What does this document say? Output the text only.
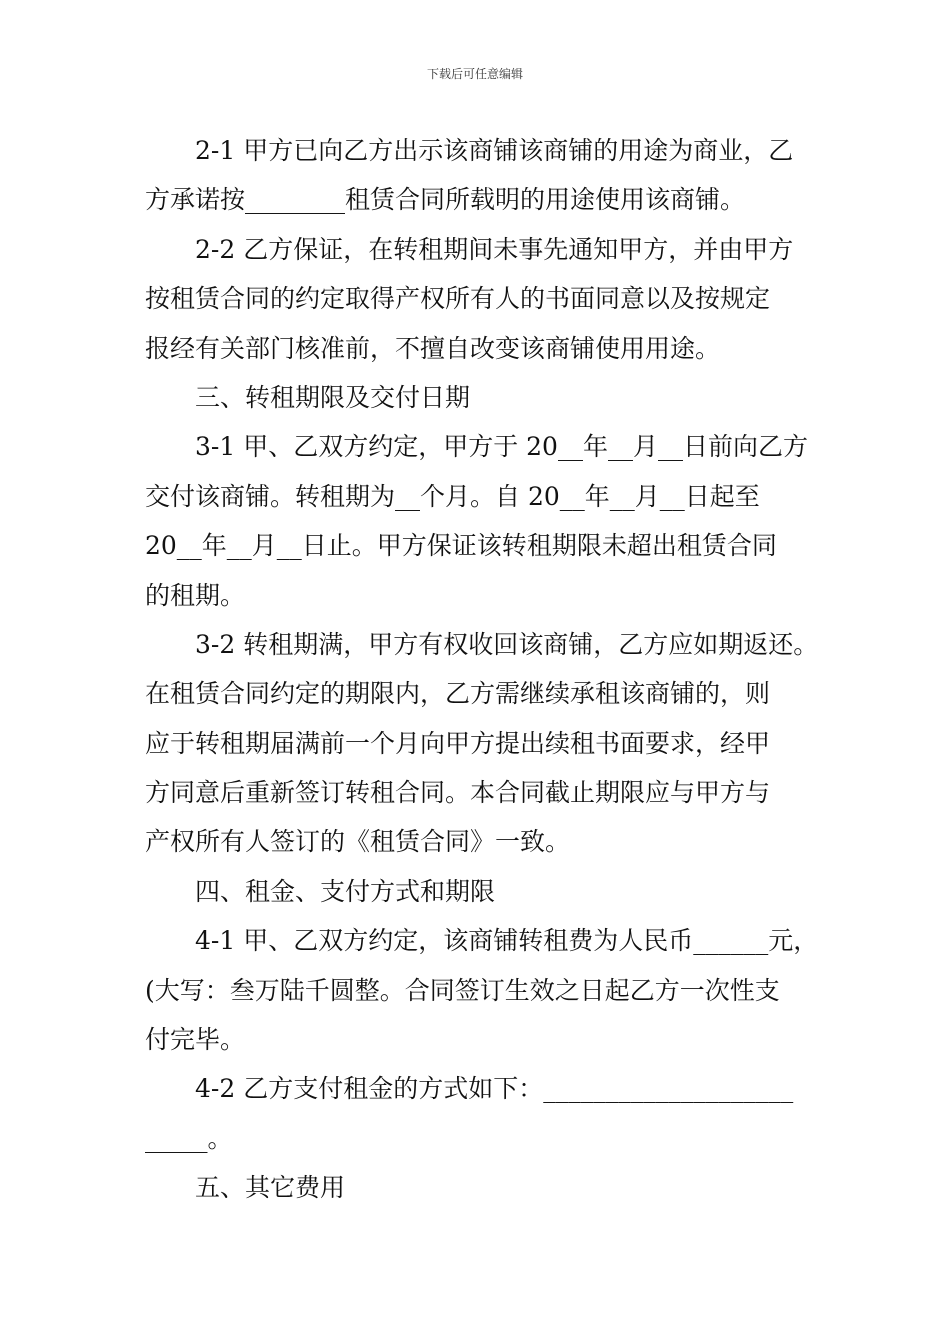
下载后可任意编辑
2-1 甲方已向乙方出示该商铺该商铺的用途为商业，乙
方承诺按________租赁合同所载明的用途使用该商铺。
2-2 乙方保证，在转租期间未事先通知甲方，并由甲方
按租赁合同的约定取得产权所有人的书面同意以及按规定
报经有关部门核准前，不擅自改变该商铺使用用途。
三、转租期限及交付日期
3-1 甲、乙双方约定，甲方于 20__年__月__日前向乙方
交付该商铺。转租期为__个月。自 20__年__月__日起至
20__年__月__日止。甲方保证该转租期限未超出租赁合同
的租期。
3-2 转租期满，甲方有权收回该商铺，乙方应如期返还。
在租赁合同约定的期限内，乙方需继续承租该商铺的，则
应于转租期届满前一个月向甲方提出续租书面要求，经甲
方同意后重新签订转租合同。本合同截止期限应与甲方与
产权所有人签订的《租赁合同》一致。
四、租金、支付方式和期限
4-1 甲、乙双方约定，该商铺转租费为人民币______元，
(大写：叁万陆千圆整。合同签订生效之日起乙方一次性支
付完毕。
4-2 乙方支付租金的方式如下：____________________
_____。
五、其它费用
